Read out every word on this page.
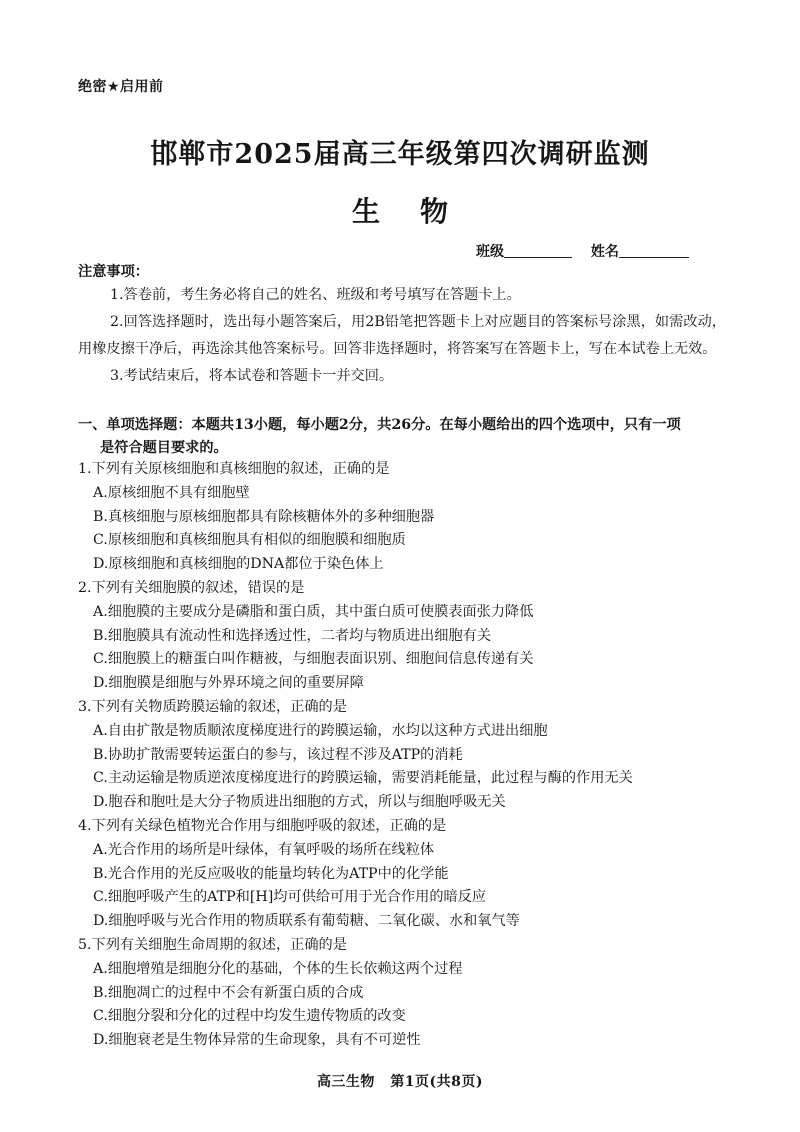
绝密★启用前
邯郸市2025届高三年级第四次调研监测
生物
班级	姓名
注意事项：

1.答卷前，考生务必将自己的姓名、班级和考号填写在答题卡上。

2.回答选择题时，选出每小题答案后，用2B铅笔把答题卡上对应题目的答案标号涂黑，如需改动，用橡皮擦干净后，再选涂其他答案标号。回答非选择题时，将答案写在答题卡上，写在本试卷上无效。

3.考试结束后，将本试卷和答题卡一并交回。

一、单项选择题：本题共13小题，每小题2分，共26分。在每小题给出的四个选项中，只有一项
是符合题目要求的。
1.下列有关原核细胞和真核细胞的叙述，正确的是
A.原核细胞不具有细胞壁
B.真核细胞与原核细胞都具有除核糖体外的多种细胞器
C.原核细胞和真核细胞具有相似的细胞膜和细胞质
D.原核细胞和真核细胞的DNA都位于染色体上
2.下列有关细胞膜的叙述，错误的是
A.细胞膜的主要成分是磷脂和蛋白质，其中蛋白质可使膜表面张力降低
B.细胞膜具有流动性和选择透过性，二者均与物质进出细胞有关
C.细胞膜上的糖蛋白叫作糖被，与细胞表面识别、细胞间信息传递有关
D.细胞膜是细胞与外界环境之间的重要屏障
3.下列有关物质跨膜运输的叙述，正确的是
A.自由扩散是物质顺浓度梯度进行的跨膜运输，水均以这种方式进出细胞
B.协助扩散需要转运蛋白的参与，该过程不涉及ATP的消耗
C.主动运输是物质逆浓度梯度进行的跨膜运输，需要消耗能量，此过程与酶的作用无关
D.胞吞和胞吐是大分子物质进出细胞的方式，所以与细胞呼吸无关
4.下列有关绿色植物光合作用与细胞呼吸的叙述，正确的是
A.光合作用的场所是叶绿体，有氧呼吸的场所在线粒体
B.光合作用的光反应吸收的能量均转化为ATP中的化学能
C.细胞呼吸产生的ATP和[H]均可供给可用于光合作用的暗反应
D.细胞呼吸与光合作用的物质联系有葡萄糖、二氧化碳、水和氧气等
5.下列有关细胞生命周期的叙述，正确的是
A.细胞增殖是细胞分化的基础，个体的生长依赖这两个过程
B.细胞凋亡的过程中不会有新蛋白质的合成
C.细胞分裂和分化的过程中均发生遗传物质的改变
D.细胞衰老是生物体异常的生命现象，具有不可逆性
高三生物 第1页(共8页)
